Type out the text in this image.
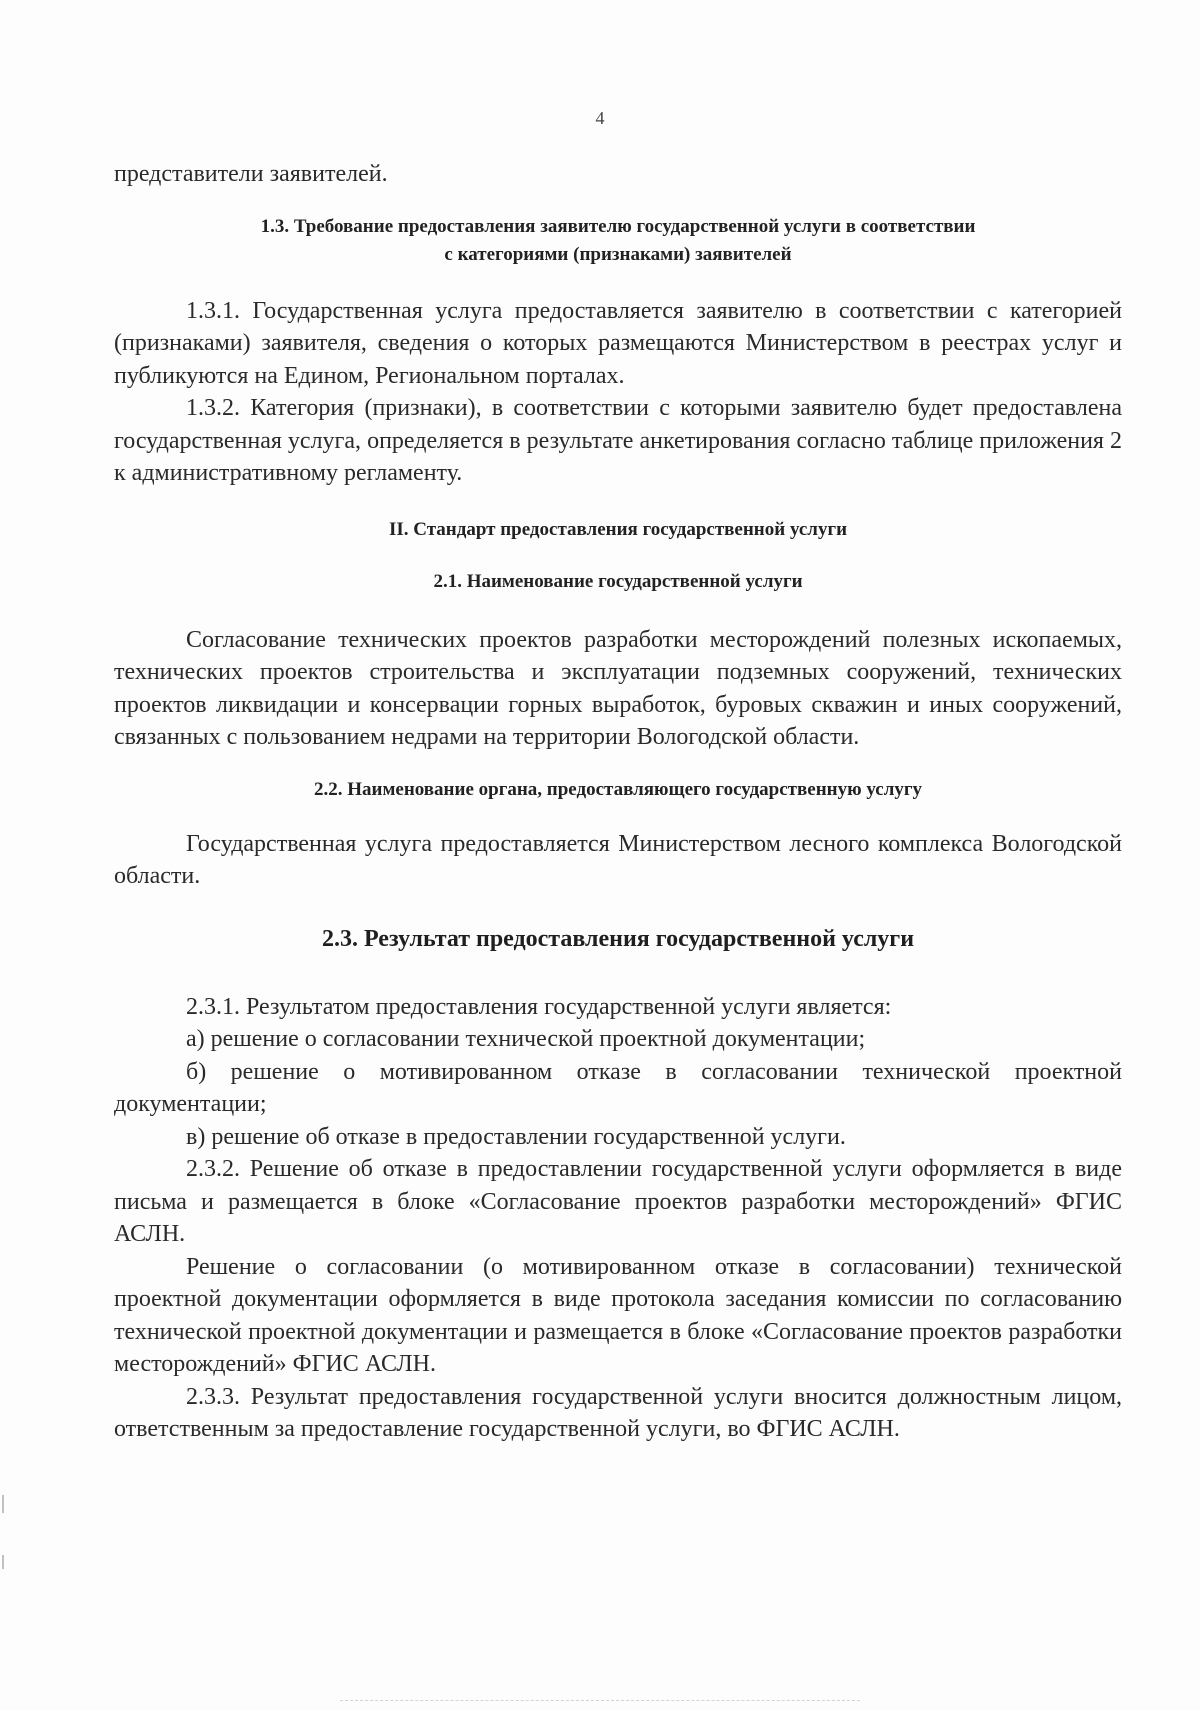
4

представители заявителей.

1.3. Требование предоставления заявителю государственной услуги в соответствии

с категориями (признаками) заявителей

1.3.1. Государственная услуга предоставляется заявителю в соответствии с категорией (признаками) заявителя, сведения о которых размещаются Министерством в реестрах услуг и публикуются на Едином, Региональном порталах.

1.3.2. Категория (признаки), в соответствии с которыми заявителю будет предоставлена государственная услуга, определяется в результате анкетирования согласно таблице приложения 2 к административному регламенту.

II. Стандарт предоставления государственной услуги

2.1. Наименование государственной услуги

Согласование технических проектов разработки месторождений полезных ископаемых, технических проектов строительства и эксплуатации подземных сооружений, технических проектов ликвидации и консервации горных выработок, буровых скважин и иных сооружений, связанных с пользованием недрами на территории Вологодской области.

2.2. Наименование органа, предоставляющего государственную услугу

Государственная услуга предоставляется Министерством лесного комплекса Вологодской области.

2.3. Результат предоставления государственной услуги

2.3.1. Результатом предоставления государственной услуги является:

а) решение о согласовании технической проектной документации;

б) решение о мотивированном отказе в согласовании технической проектной документации;

в) решение об отказе в предоставлении государственной услуги.

2.3.2. Решение об отказе в предоставлении государственной услуги оформляется в виде письма и размещается в блоке «Согласование проектов разработки месторождений» ФГИС АСЛН.

Решение о согласовании (о мотивированном отказе в согласовании) технической проектной документации оформляется в виде протокола заседания комиссии по согласованию технической проектной документации и размещается в блоке «Согласование проектов разработки месторождений» ФГИС АСЛН.

2.3.3. Результат предоставления государственной услуги вносится должностным лицом, ответственным за предоставление государственной услуги, во ФГИС АСЛН.
